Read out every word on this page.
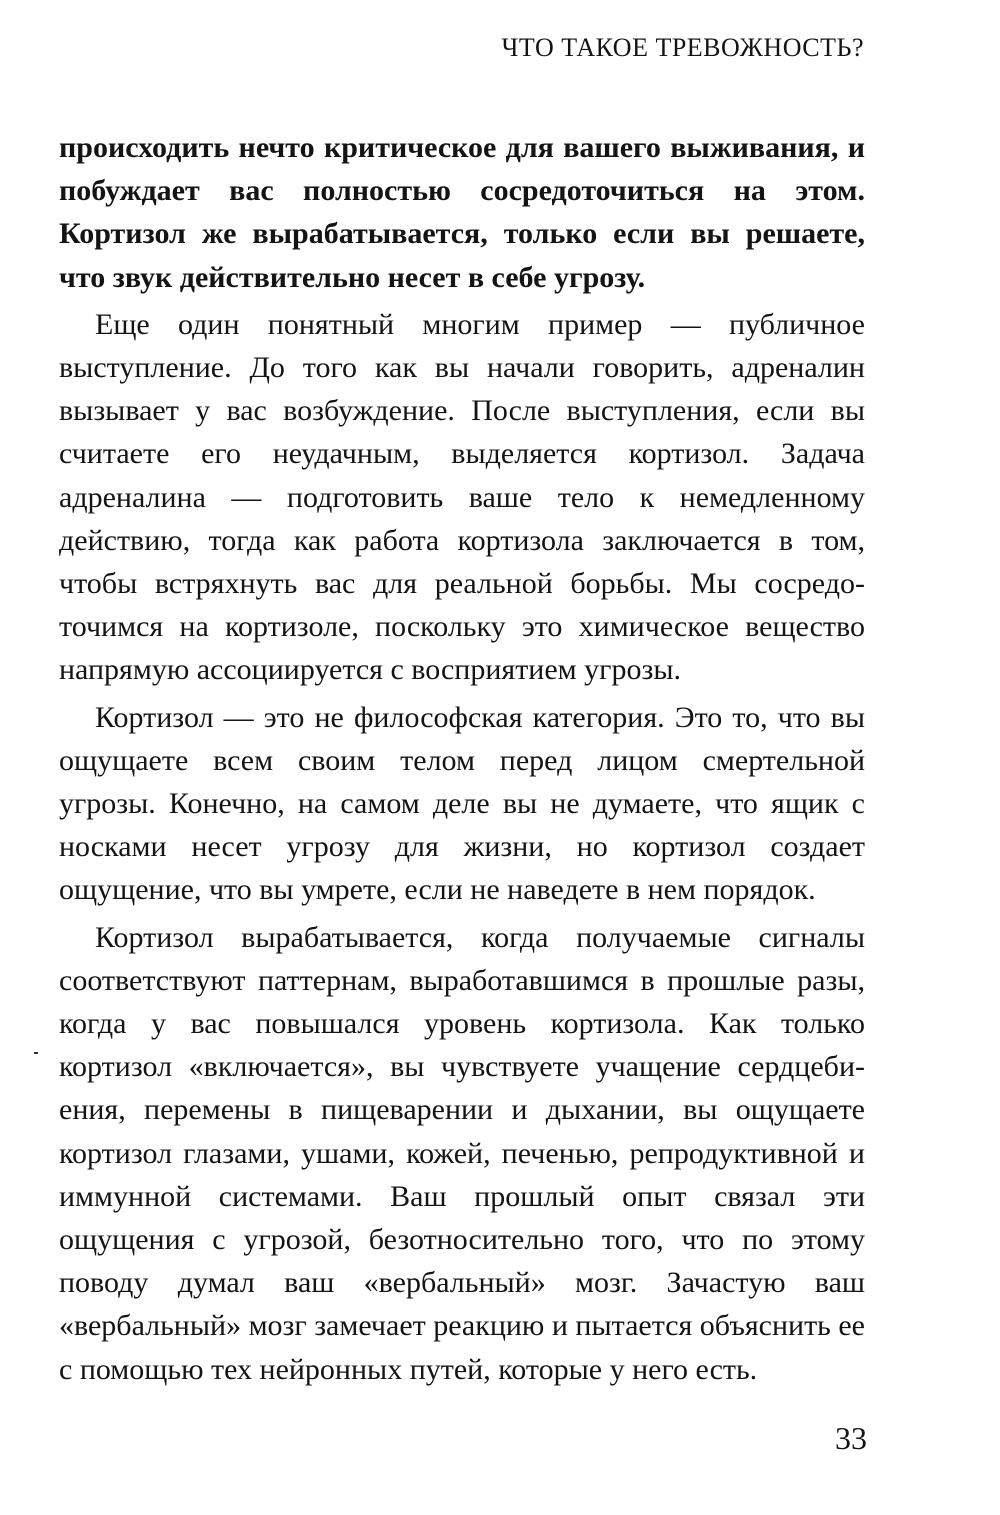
ЧТО ТАКОЕ ТРЕВОЖНОСТЬ?

происходить нечто критическое для вашего выживания, и побуждает вас полностью сосредоточиться на этом. Кортизол же вырабатывается, только если вы решаете, что звук действительно несет в себе угрозу.

Еще один понятный многим пример — публичное выступление. До того как вы начали говорить, адреналин вызывает у вас возбуждение. После выступления, если вы считаете его неудачным, выделяется кортизол. Задача адреналина — подготовить ваше тело к немедленному действию, тогда как работа кортизола заключается в том, чтобы встряхнуть вас для реальной борьбы. Мы сосредоточимся на кортизоле, поскольку это химическое вещество напрямую ассоциируется с восприятием угрозы.

Кортизол — это не философская категория. Это то, что вы ощущаете всем своим телом перед лицом смертельной угрозы. Конечно, на самом деле вы не думаете, что ящик с носками несет угрозу для жизни, но кортизол создает ощущение, что вы умрете, если не наведете в нем порядок.

Кортизол вырабатывается, когда получаемые сигналы соответствуют паттернам, выработавшимся в прошлые разы, когда у вас повышался уровень кортизола. Как только кортизол «включается», вы чувствуете учащение сердцебиения, перемены в пищеварении и дыхании, вы ощущаете кортизол глазами, ушами, кожей, печенью, репродуктивной и иммунной системами. Ваш прошлый опыт связал эти ощущения с угрозой, безотносительно того, что по этому поводу думал ваш «вербальный» мозг. Зачастую ваш «вербальный» мозг замечает реакцию и пытается объяснить ее с помощью тех нейронных путей, которые у него есть.

33
